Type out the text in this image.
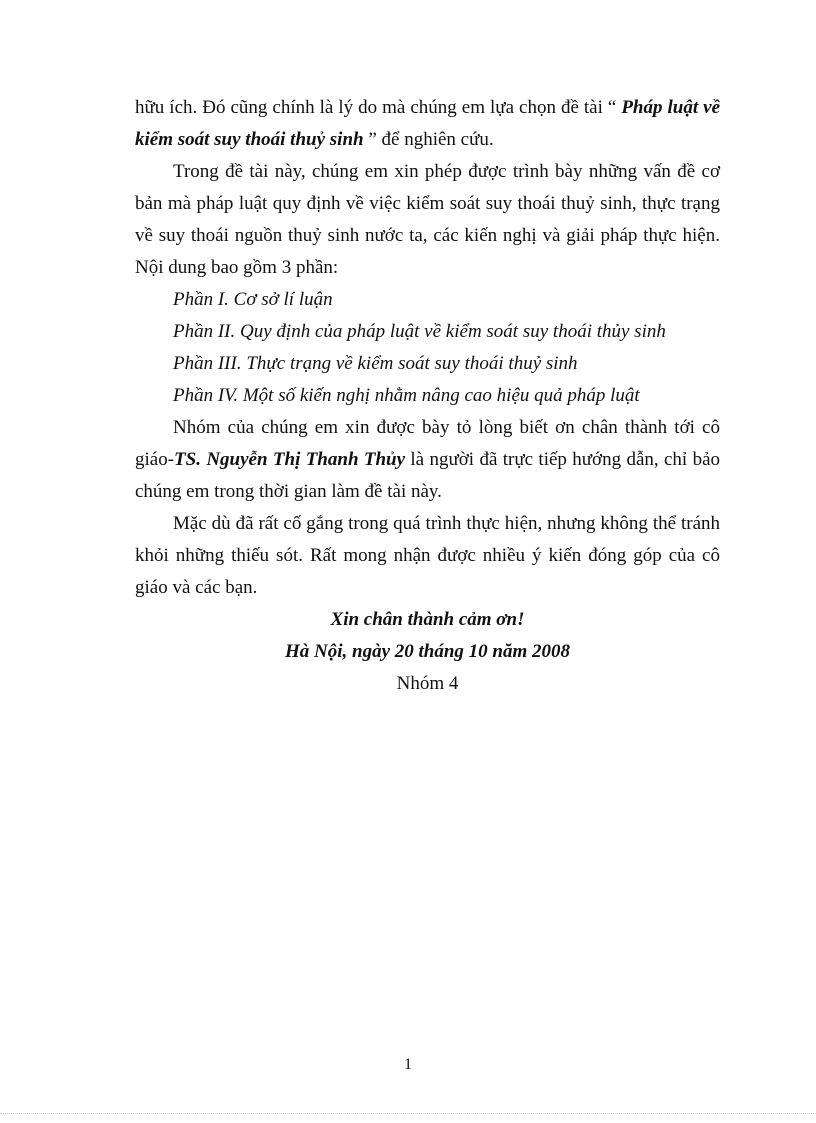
hữu ích. Đó cũng chính là lý do mà chúng em lựa chọn đề tài “ Pháp luật về kiểm soát suy thoái thuỷ sinh ” để nghiên cứu.

Trong đề tài này, chúng em xin phép được trình bày những vấn đề cơ bản mà pháp luật quy định về việc kiểm soát suy thoái thuỷ sinh, thực trạng về suy thoái nguồn thuỷ sinh nước ta, các kiến nghị và giải pháp thực hiện. Nội dung bao gồm 3 phần:

Phần I. Cơ sở lí luận

Phần II. Quy định của pháp luật về kiểm soát suy thoái thủy sinh

Phần III. Thực trạng về kiểm soát suy thoái thuỷ sinh

Phần IV. Một số kiến nghị nhằm nâng cao hiệu quả pháp luật

Nhóm của chúng em xin được bày tỏ lòng biết ơn chân thành tới cô giáo-TS. Nguyễn Thị Thanh Thủy là người đã trực tiếp hướng dẫn, chỉ bảo chúng em trong thời gian làm đề tài này.

Mặc dù đã rất cố gắng trong quá trình thực hiện, nhưng không thể tránh khỏi những thiếu sót. Rất mong nhận được nhiều ý kiến đóng góp của cô giáo và các bạn.

Xin chân thành cảm ơn!

Hà Nội, ngày 20 tháng 10 năm 2008

Nhóm 4

1
